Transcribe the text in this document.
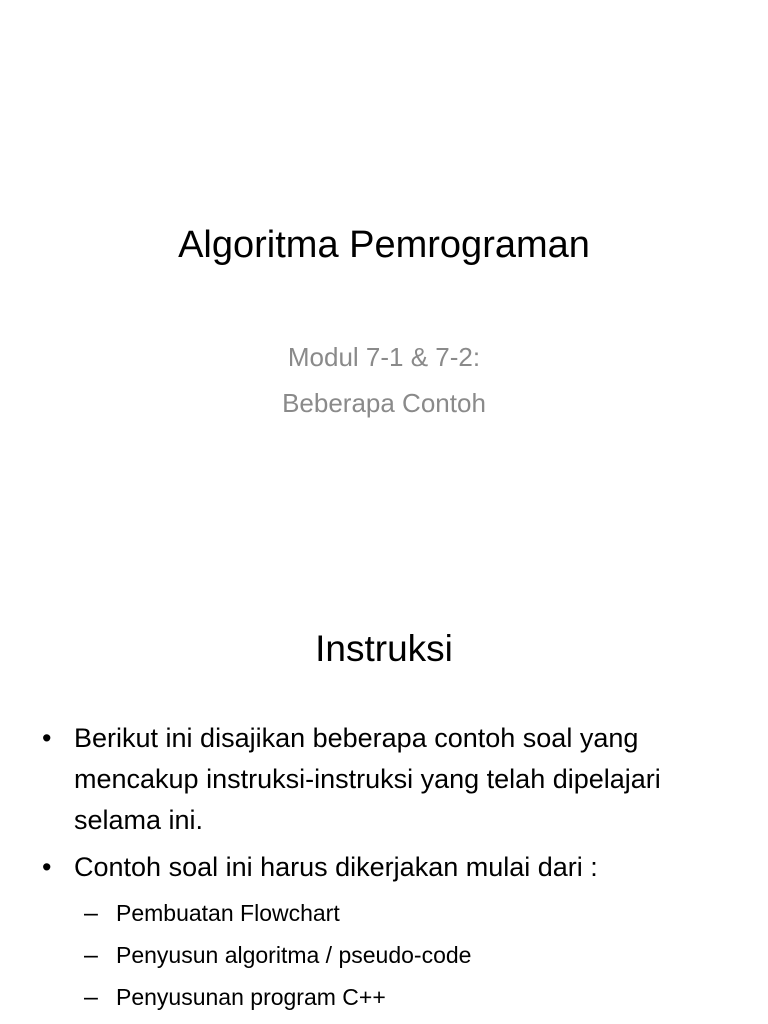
Algoritma Pemrograman
Modul 7-1 & 7-2:
Beberapa Contoh
Instruksi
• Berikut ini disajikan beberapa contoh soal yang mencakup instruksi-instruksi yang telah dipelajari selama ini.
• Contoh soal ini harus dikerjakan mulai dari :
– Pembuatan Flowchart
– Penyusun algoritma / pseudo-code
– Penyusunan program C++
